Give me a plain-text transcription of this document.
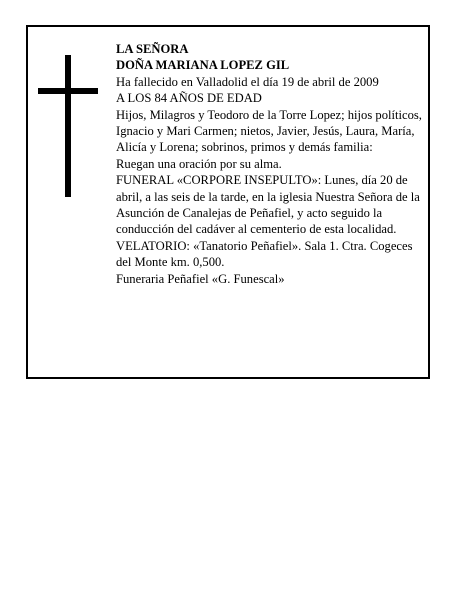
LA SEÑORA

DOÑA MARIANA LOPEZ GIL

Ha fallecido en Valladolid el día 19 de abril de 2009

A LOS 84 AÑOS DE EDAD

Hijos, Milagros y Teodoro de la Torre Lopez; hijos políticos, Ignacio y Mari Carmen; nietos, Javier, Jesús, Laura, María, Alicía y Lorena; sobrinos, primos y demás familia:

Ruegan una oración por su alma.

FUNERAL «CORPORE INSEPULTO»: Lunes, día 20 de abril, a las seis de la tarde, en la iglesia Nuestra Señora de la Asunción de Canalejas de Peñafiel, y acto seguido la conducción del cadáver al cementerio de esta localidad.

VELATORIO: «Tanatorio Peñafiel». Sala 1. Ctra. Cogeces del Monte km. 0,500.

Funeraria Peñafiel «G. Funescal»
